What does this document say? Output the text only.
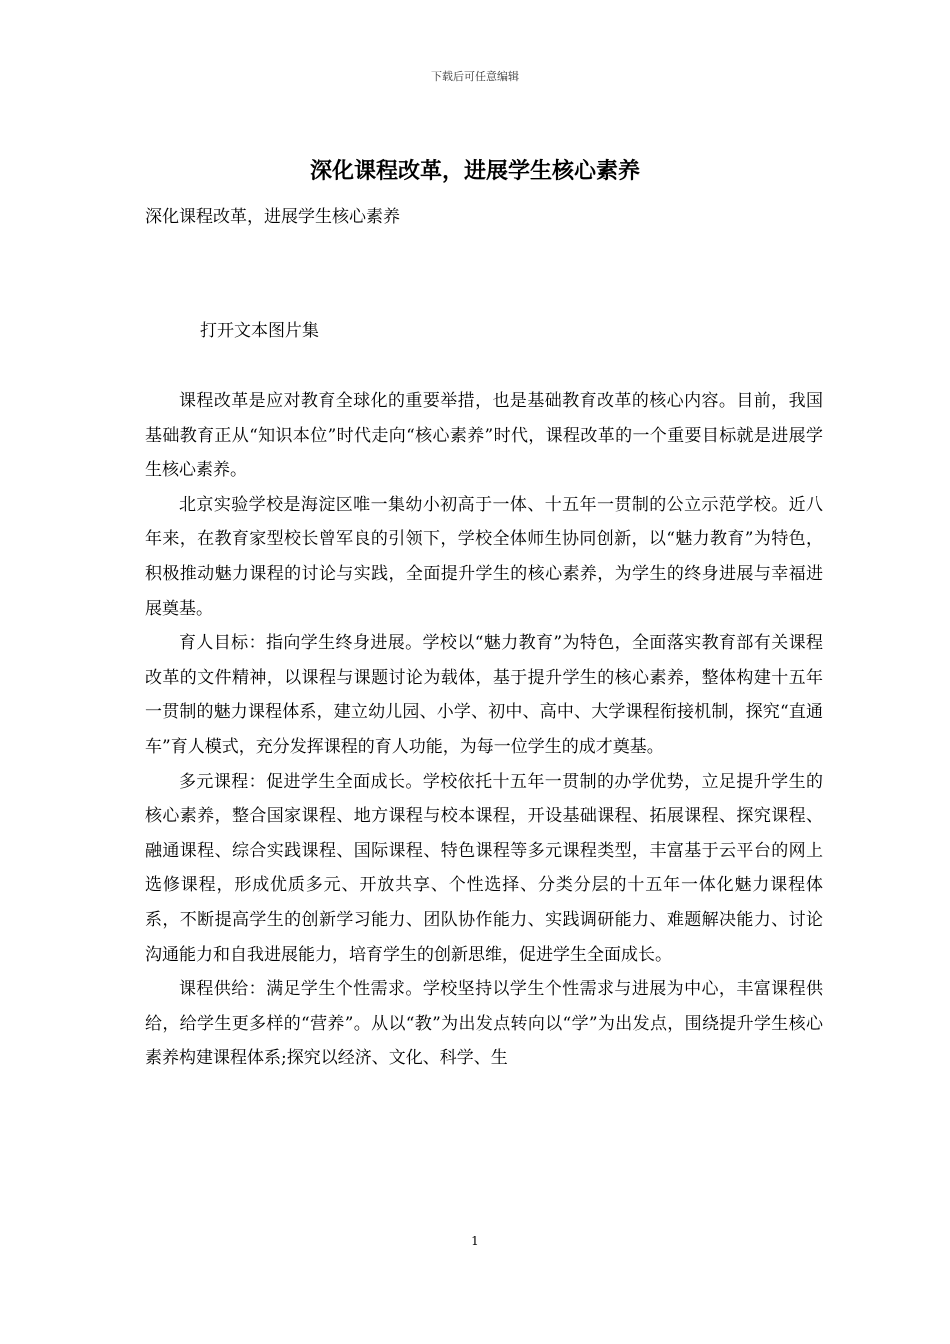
下载后可任意编辑
深化课程改革，进展学生核心素养
深化课程改革，进展学生核心素养
打开文本图片集

课程改革是应对教育全球化的重要举措，也是基础教育改革的核心内容。目前，我国基础教育正从“知识本位”时代走向“核心素养”时代，课程改革的一个重要目标就是进展学生核心素养。

北京实验学校是海淀区唯一集幼小初高于一体、十五年一贯制的公立示范学校。近八年来，在教育家型校长曾军良的引领下，学校全体师生协同创新，以“魅力教育”为特色，积极推动魅力课程的讨论与实践，全面提升学生的核心素养，为学生的终身进展与幸福进展奠基。

育人目标：指向学生终身进展。学校以“魅力教育”为特色，全面落实教育部有关课程改革的文件精神，以课程与课题讨论为载体，基于提升学生的核心素养，整体构建十五年一贯制的魅力课程体系，建立幼儿园、小学、初中、高中、大学课程衔接机制，探究“直通车”育人模式，充分发挥课程的育人功能，为每一位学生的成才奠基。

多元课程：促进学生全面成长。学校依托十五年一贯制的办学优势，立足提升学生的核心素养，整合国家课程、地方课程与校本课程，开设基础课程、拓展课程、探究课程、融通课程、综合实践课程、国际课程、特色课程等多元课程类型，丰富基于云平台的网上选修课程，形成优质多元、开放共享、个性选择、分类分层的十五年一体化魅力课程体系，不断提高学生的创新学习能力、团队协作能力、实践调研能力、难题解决能力、讨论沟通能力和自我进展能力，培育学生的创新思维，促进学生全面成长。

课程供给：满足学生个性需求。学校坚持以学生个性需求与进展为中心，丰富课程供给，给学生更多样的“营养”。从以“教”为出发点转向以“学”为出发点，围绕提升学生核心素养构建课程体系;探究以经济、文化、科学、生

1
